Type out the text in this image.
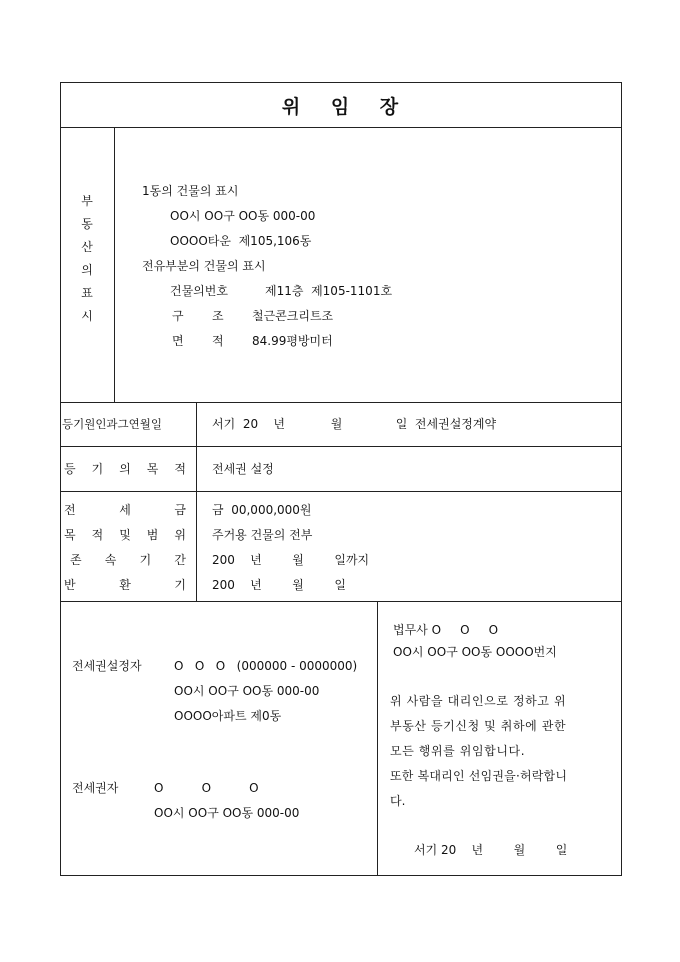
위 임 장
부
동
산
의
표
시
1동의 건물의 표시
OO시 OO구 OO동 000-00
OOOO타운  제105,106동
전유부분의 건물의 표시
건물의번호	제11층  제105-1101호
구 조 철근콘크리트조
면 적 84.99평방미터
등기원인과그연월일	서기  20    년            월              일  전세권설정계약
등 기 의 목 적 전세권 설정
전	세	금 금  00,000,000원
목 적 및 범 위 주거용 건물의 전부
존 속 기 간 200    년        월        일까지
반	환	기 200    년        월        일
전세권설정자	O   O   O   (000000 - 0000000)
OO시 OO구 OO동 000-00
OOOO아파트 제0동
전세권자	O          O          O
OO시 OO구 OO동 000-00
법무사 O     O     O
OO시 OO구 OO동 OOOO번지
위 사람을 대리인으로 정하고 위
부동산 등기신청 및 취하에 관한
모든 행위를 위임합니다.
또한 복대리인 선임권을·허락합니
다.
서기 20    년        월        일
